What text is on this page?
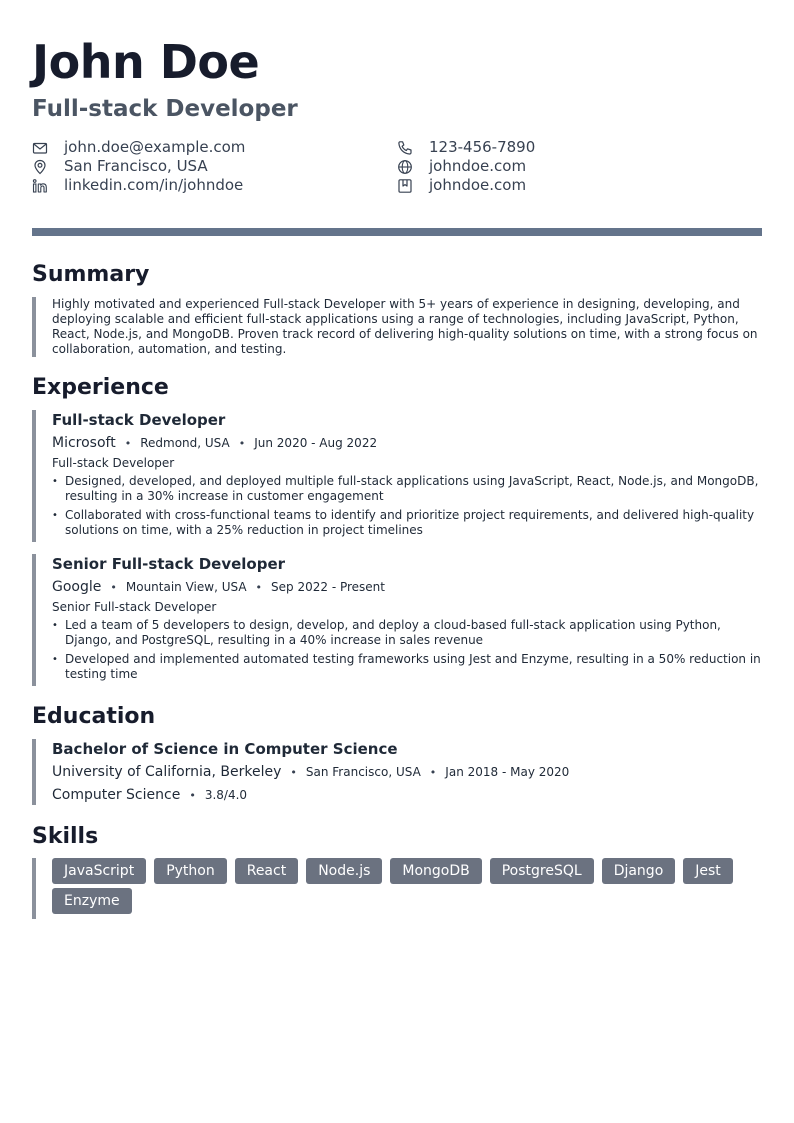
John Doe
Full-stack Developer
john.doe@example.com	123-456-7890
San Francisco, USA	johndoe.com
linkedin.com/in/johndoe	johndoe.com
Summary
Highly motivated and experienced Full-stack Developer with 5+ years of experience in designing, developing, and deploying scalable and efficient full-stack applications using a range of technologies, including JavaScript, Python, React, Node.js, and MongoDB. Proven track record of delivering high-quality solutions on time, with a strong focus on collaboration, automation, and testing.
Experience
Full-stack Developer
Microsoft • Redmond, USA • Jun 2020 - Aug 2022
Full-stack Developer
• Designed, developed, and deployed multiple full-stack applications using JavaScript, React, Node.js, and MongoDB, resulting in a 30% increase in customer engagement
• Collaborated with cross-functional teams to identify and prioritize project requirements, and delivered high-quality solutions on time, with a 25% reduction in project timelines
Senior Full-stack Developer
Google • Mountain View, USA • Sep 2022 - Present
Senior Full-stack Developer
• Led a team of 5 developers to design, develop, and deploy a cloud-based full-stack application using Python, Django, and PostgreSQL, resulting in a 40% increase in sales revenue
• Developed and implemented automated testing frameworks using Jest and Enzyme, resulting in a 50% reduction in testing time
Education
Bachelor of Science in Computer Science
University of California, Berkeley • San Francisco, USA • Jan 2018 - May 2020
Computer Science • 3.8/4.0
Skills
JavaScript	Python	React	Node.js	MongoDB	PostgreSQL	Django	Jest
Enzyme
